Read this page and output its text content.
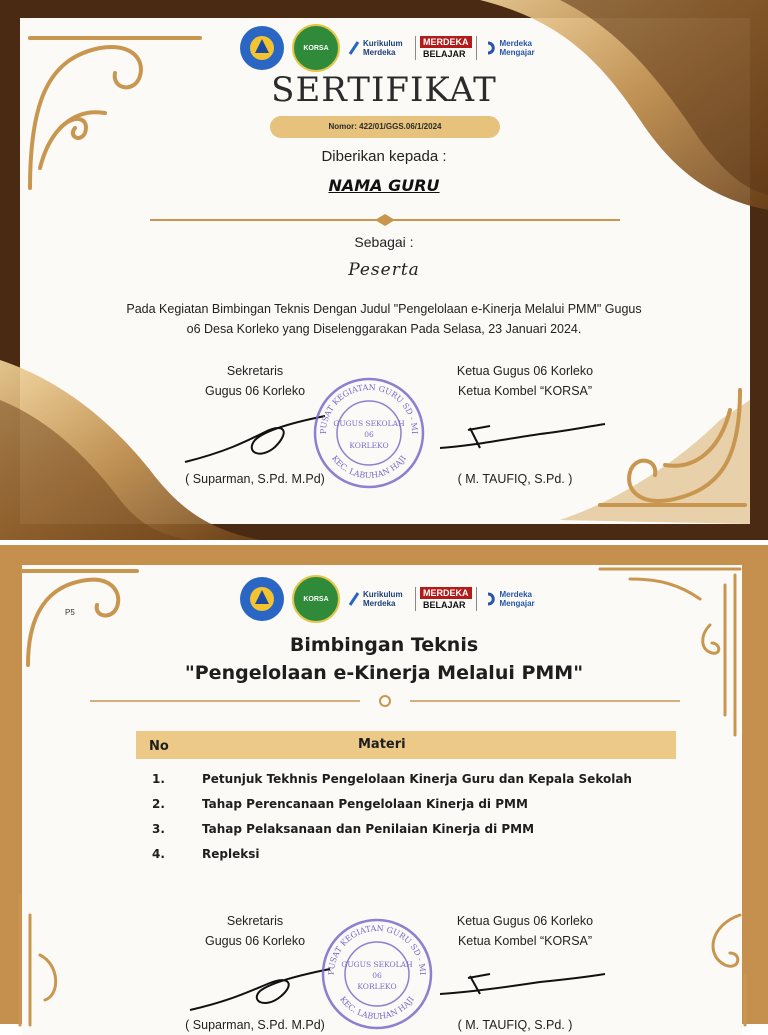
KORSA	Kurikulum Merdeka
MERDEKA
BELAJAR
Merdeka Mengajar
SERTIFIKAT
Nomor: 422/01/GGS.06/1/2024
Diberikan kepada :
NAMA GURU
Sebagai :
Peserta
Pada Kegiatan Bimbingan Teknis Dengan Judul "Pengelolaan e-Kinerja Melalui PMM" Gugus
o6 Desa Korleko yang Diselenggarakan Pada Selasa, 23 Januari 2024.
Sekretaris
Gugus 06 Korleko
Ketua Gugus 06 Korleko
Ketua Kombel “KORSA”
PUSAT KEGIATAN GURU SD - MI
KEC. LABUHAN HAJI
GUGUS SEKOLAH
06
KORLEKO
( Suparman, S.Pd. M.Pd)	( M. TAUFIQ, S.Pd. )
KORSA	Kurikulum Merdeka
MERDEKA
BELAJAR
Merdeka Mengajar
P5
Bimbingan Teknis
"Pengelolaan e-Kinerja Melalui PMM"
No	Materi
1.	Petunjuk Tekhnis Pengelolaan Kinerja Guru dan Kepala Sekolah
2.	Tahap Perencanaan Pengelolaan Kinerja di PMM
3.	Tahap Pelaksanaan dan Penilaian Kinerja di PMM
4.	Repleksi
Sekretaris
Gugus 06 Korleko
Ketua Gugus 06 Korleko
Ketua Kombel “KORSA”
PUSAT KEGIATAN GURU SD - MI
KEC. LABUHAN HAJI
GUGUS SEKOLAH
06
KORLEKO
( Suparman, S.Pd. M.Pd)	( M. TAUFIQ, S.Pd. )
